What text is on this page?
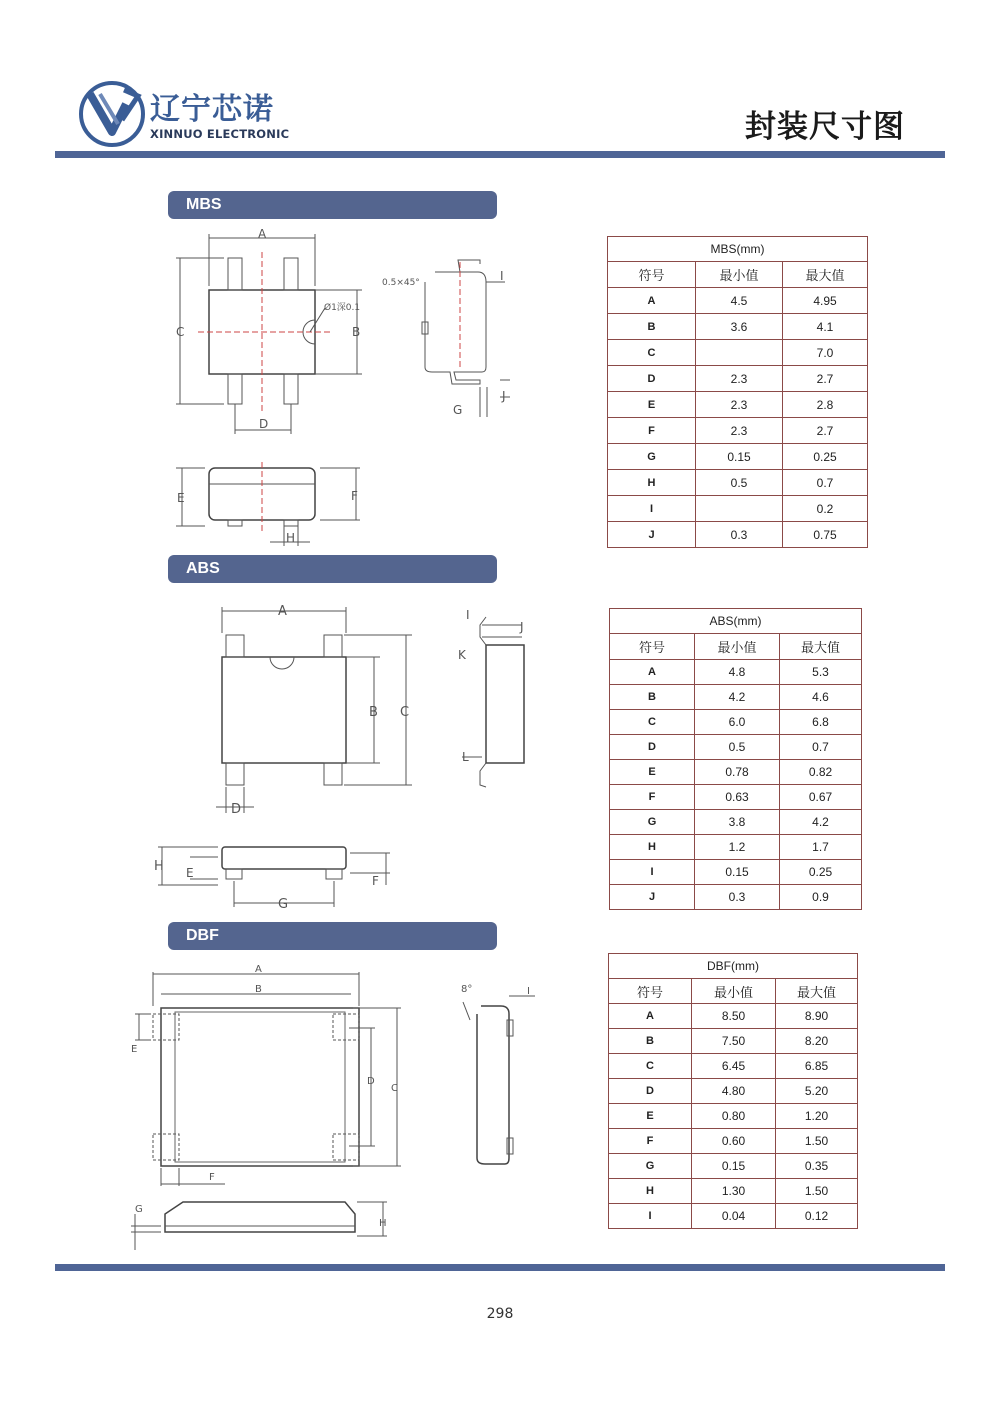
辽宁芯诺
XINNUO ELECTRONIC	封装尺寸图
MBS
ABS
DBF
A
C	B
Ø1深0.1
D
0.5×45°	I
J
G
E	F
H
A
B C
D
I
J
K
L
H E
F
G
A
B
C
D
E
F
8°	I
G
H
MBS(mm)		
符号	最小值	最大值
A	4.5	4.95
B	3.6	4.1
C		7.0
D	2.3	2.7
E	2.3	2.8
F	2.3	2.7
G	0.15	0.25
H	0.5	0.7
I		0.2
J	0.3	0.75
ABS(mm)		
符号	最小值	最大值
A	4.8	5.3
B	4.2	4.6
C	6.0	6.8
D	0.5	0.7
E	0.78	0.82
F	0.63	0.67
G	3.8	4.2
H	1.2	1.7
I	0.15	0.25
J	0.3	0.9
DBF(mm)		
符号	最小值	最大值
A	8.50	8.90
B	7.50	8.20
C	6.45	6.85
D	4.80	5.20
E	0.80	1.20
F	0.60	1.50
G	0.15	0.35
H	1.30	1.50
I	0.04	0.12
298
